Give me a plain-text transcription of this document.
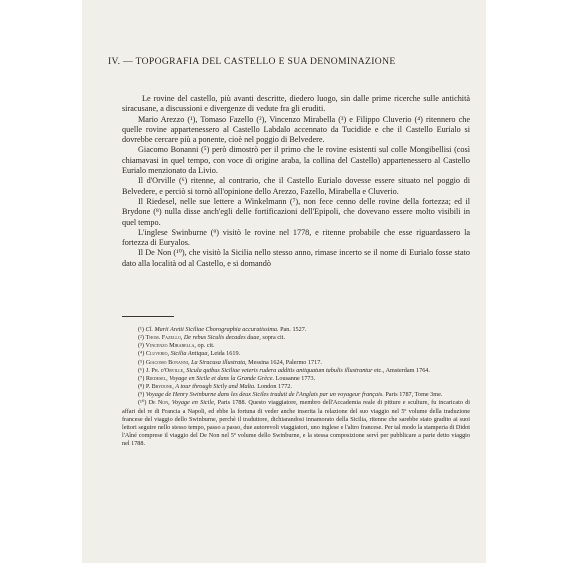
IV. — TOPOGRAFIA DEL CASTELLO E SUA DENOMINAZIONE

Le rovine del castello, più avanti descritte, diedero luogo, sin dalle prime ricerche sulle antichità siracusane, a discussioni e divergenze di vedute fra gli eruditi.

Mario Arezzo (¹), Tomaso Fazello (²), Vincenzo Mirabella (³) e Filippo Cluverio (⁴) ritennero che quelle rovine appartenessero al Castello Labdalo accennato da Tucidide e che il Castello Eurialo si dovrebbe cercare più a ponente, cioè nel poggio di Belvedere.

Giacomo Bonanni (⁵) però dimostrò per il primo che le rovine esistenti sul colle Mongibellisi (così chiamavasi in quel tempo, con voce di origine araba, la collina del Castello) appartenessero al Castello Eurialo menzionato da Livio.

Il d'Orville (⁶) ritenne, al contrario, che il Castello Eurialo dovesse essere situato nel poggio di Belvedere, e perciò si tornò all'opinione dello Arezzo, Fazello, Mirabella e Cluverio.

Il Riedesel, nelle sue lettere a Winkelmann (⁷), non fece cenno delle rovine della fortezza; ed il Brydone (⁸) nulla disse anch'egli delle fortificazioni dell'Epipoli, che dovevano essere molto visibili in quel tempo.

L'inglese Swinburne (⁹) visitò le rovine nel 1778, e ritenne probabile che esse riguardassero la fortezza di Euryalos.

Il De Non (¹⁰), che visitò la Sicilia nello stesso anno, rimase incerto se il nome di Eurialo fosse stato dato alla località od al Castello, e si domandò

(¹) Cl. Marii Aretii Siciliae Chorographia accuratissima. Pan. 1527.

(²) Thom. Fazello, De rebus Siculis decades duae, sopra cit.

(³) Vincenzo Mirabella, op. cit.

(⁴) Cluverio, Sicilia Antiqua, Leida 1619.

(⁵) Giacomo Bonanni, La Siracusa illustrata, Messina 1624, Palermo 1717.

(⁶) J. Ph. d'Orville, Sicula quibus Siciliae veteris rudera additis antiquatum tabulis illustrantur etc., Amsterdam 1764.

(⁷) Riedesel, Voyage en Sicile et dans la Grande Grèce. Lousanne 1773.

(⁸) P. Brydone, A tour through Sicily and Malta. London 1772.

(⁹) Voyage de Henry Swinburne dans les deux Siciles traduit de l'Anglais par un voyageur français. Paris 1787, Tome 3me.

(¹⁰) De Non, Voyage en Sicile, Paris 1788. Questo viaggiatore, membro dell'Accademia reale di pitture e sculture, fu incaricato di affari del re di Francia a Napoli, ed ebbe la fortuna di veder anche inserita la relazione del suo viaggio nel 5º volume della traduzione francese del viaggio dello Swinburne, perchè il traduttore, dichiarandosi innamorato della Sicilia, ritenne che sarebbe stato gradito ai suoi lettori seguire nello stesso tempo, passo a passo, due autorevoli viaggiatori, uno inglese e l'altro francese. Per tal modo la stamperia di Didot l'Aîné comprese il viaggio del De Non nel 5º volume dello Swinburne, e la stessa composizione servì per pubblicare a parte detto viaggio nel 1788.
